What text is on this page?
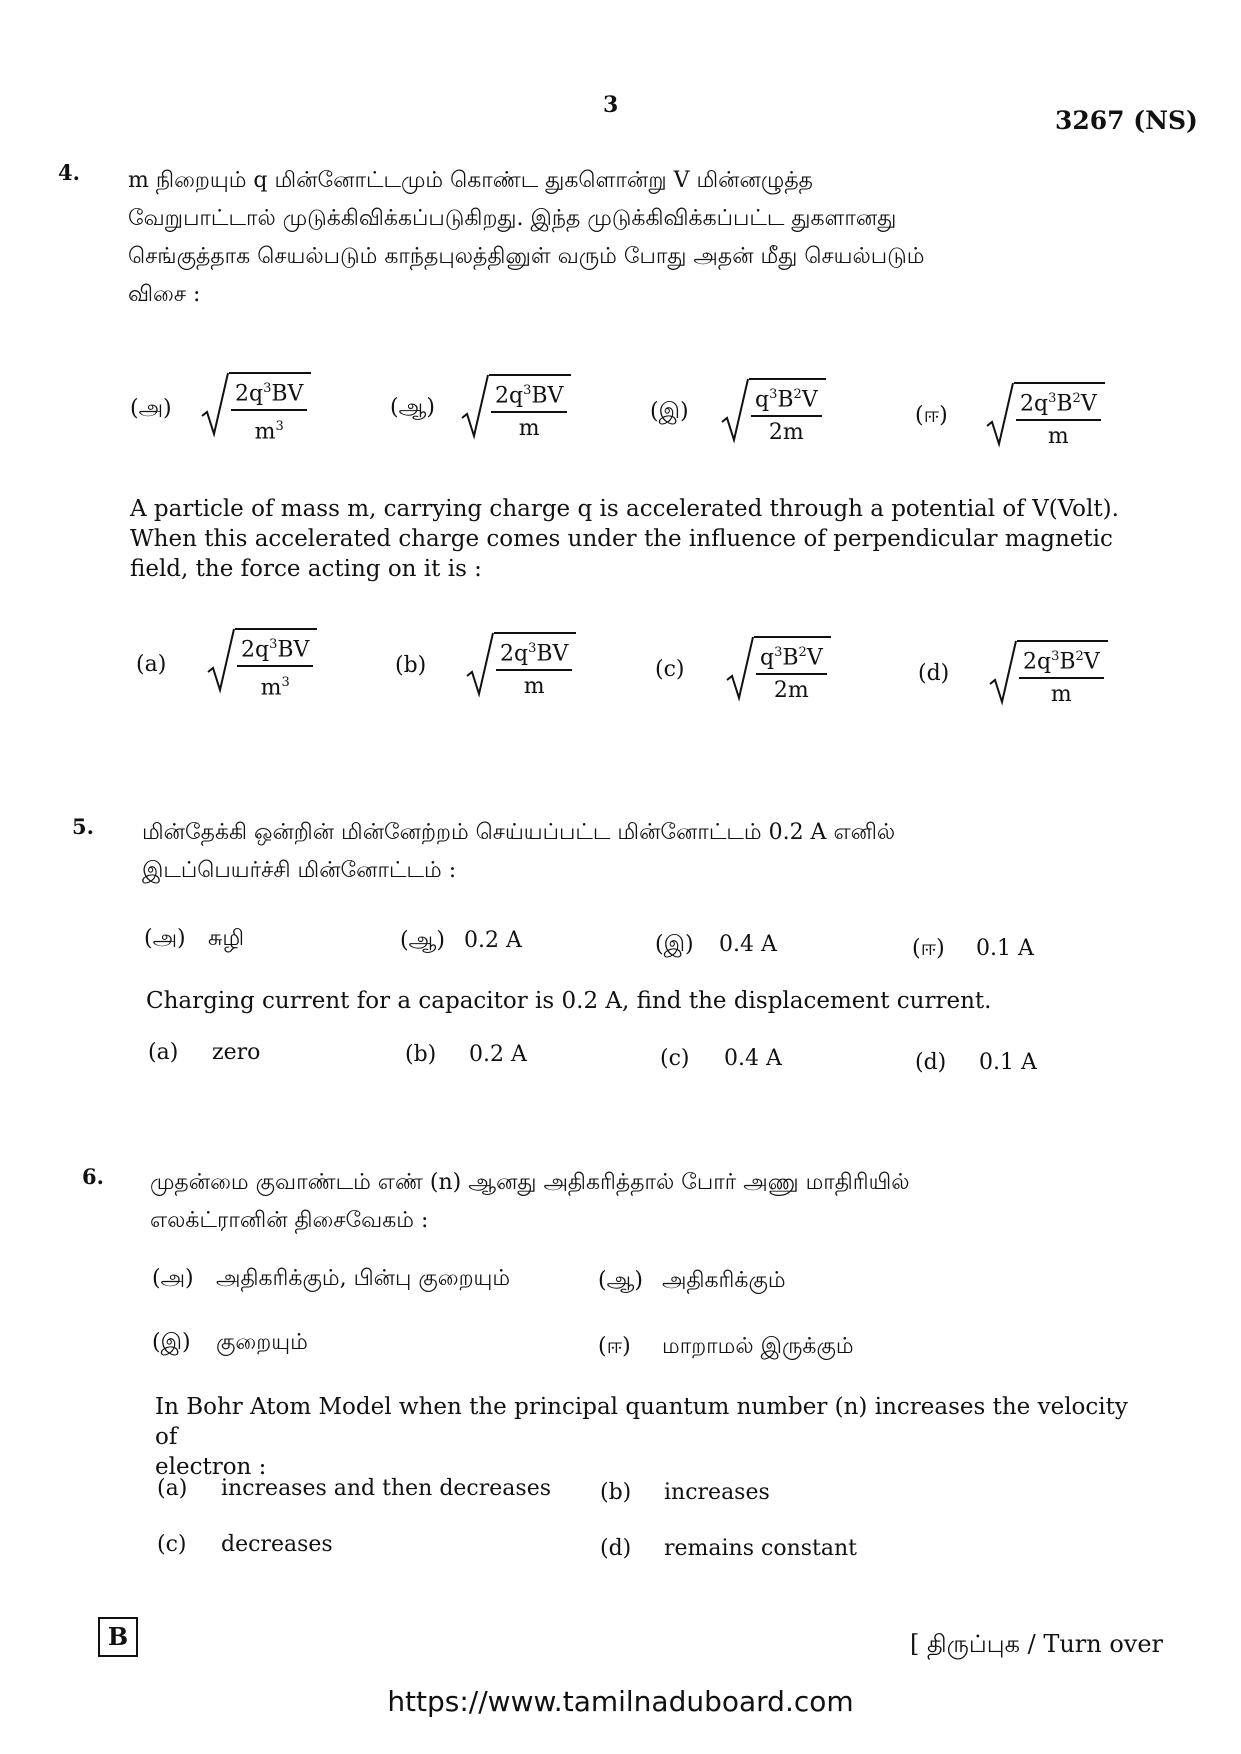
3
3267 (NS)
4. m நிறையும் q மின்னோட்டமும் கொண்ட துகளொன்று V மின்னழுத்த
வேறுபாட்டால் முடுக்கிவிக்கப்படுகிறது. இந்த முடுக்கிவிக்கப்பட்ட துகளானது
செங்குத்தாக செயல்படும் காந்தபுலத்தினுள் வரும் போது அதன் மீது செயல்படும்
விசை :
(அ)	$\frac{2q^3BV}{m^3}$	(ஆ)	$\frac{2q^3BV}{m}$	(இ)	$\frac{q^3B^2V}{2m}$	(ஈ)	$\frac{2q^3B^2V}{m}$
A particle of mass m, carrying charge q is accelerated through a potential of V(Volt).
When this accelerated charge comes under the influence of perpendicular magnetic
field, the force acting on it is :
(a)	$\frac{2q^3BV}{m^3}$	(b)	$\frac{2q^3BV}{m}$	(c)	$\frac{q^3B^2V}{2m}$	(d)	$\frac{2q^3B^2V}{m}$
5. மின்தேக்கி ஒன்றின் மின்னேற்றம் செய்யப்பட்ட மின்னோட்டம் 0.2 A எனில்
இடப்பெயர்ச்சி மின்னோட்டம் :
(அ) சுழி	(ஆ) 0.2 A	(இ) 0.4 A	(ஈ) 0.1 A
Charging current for a capacitor is 0.2 A, find the displacement current.
(a) zero	(b) 0.2 A	(c) 0.4 A	(d) 0.1 A
6. முதன்மை குவாண்டம் எண் (n) ஆனது அதிகரித்தால் போர் அணு மாதிரியில்
எலக்ட்ரானின் திசைவேகம் :
(அ) அதிகரிக்கும், பின்பு குறையும்	(ஆ) அதிகரிக்கும்
(இ) குறையும்	(ஈ) மாறாமல் இருக்கும்
In Bohr Atom Model when the principal quantum number (n) increases the velocity of
electron :
(a) increases and then decreases (b) increases
(c) decreases	(d) remains constant
B	[ திருப்புக / Turn over
https://www.tamilnaduboard.com
